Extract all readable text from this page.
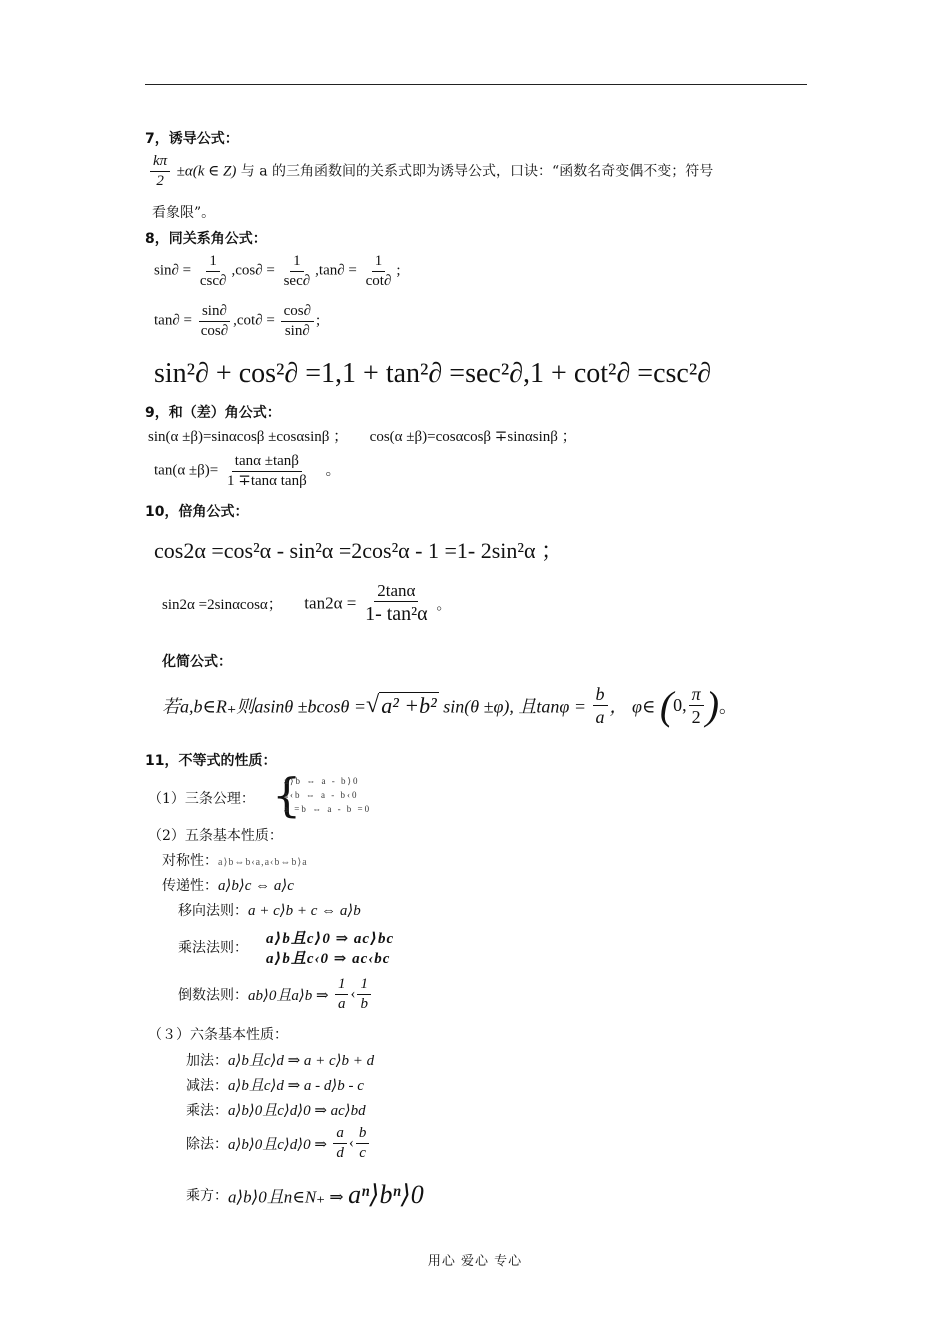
7，诱导公式：
$\frac{k\pi}{2} \pm\alpha(k$ ∈ Z) 与 a 的三角函数间的关系式即为诱导公式，口诀：“函数名奇变偶不变；符号
看象限”。
8，同关系角公式：
$\sin\partial = \frac{1}{\csc\partial} ,\cos\partial = \frac{1}{\sec\partial} ,\tan\partial = \frac{1}{\cot\partial}$ ;
$\tan\partial = \frac{\sin\partial}{\cos\partial} ,\cot\partial = \frac{\cos\partial}{\sin\partial}$ ;
sin²∂ + cos²∂ =1,1 + tan²∂ =sec²∂,1 + cot²∂ =csc²∂
9，和（差）角公式：
sin(α ±β)=sinαcosβ ±cosαsinβ ； cos(α ±β)=cosαcosβ ∓sinαsinβ ；
$\tan(\alpha \pm\beta)= \frac{\tan\alpha \pm\tan\beta}{\text{1 ∓tanα tanβ}}$ 。
10，倍角公式：
cos2α =cos²α - sin²α =2cos²α - 1 =1- 2sin²α ；
sin2α =2sinαcosα； $\tan 2\alpha = \frac{2\tan\alpha}{\text{1- tan²α}}$ 。
化简公式：
若a,b∈R₊则asinθ ±bcosθ =√a² +b² sin(θ ±φ), 且$\tan\varphi = \frac{b}{a}$ ， φ∈ (0, $\frac{\pi}{2}$ )。
11，不等式的性质：
（1）三条公理： {
a⟩b ⇔ a - b⟩0
a‹b ⇔ a - b‹0
a =b ⇔ a - b =0
（2）五条基本性质：
对称性：a⟩b⇔b‹a,a‹b⇔b⟩a
传递性：a⟩b⟩c ⇔ a⟩c
移向法则：a + c⟩b + c ⇔ a⟩b
乘法法则：
a⟩b且c⟩0 ⇒ ac⟩bc
a⟩b且c‹0 ⇒ ac‹bc
倒数法则：ab⟩0且a⟩b ⇒ $\frac{1}{a}$ ‹ $\frac{1}{b}$
（３）六条基本性质：
加法：a⟩b且c⟩d ⇒ a + c⟩b + d
减法：a⟩b且c⟩d ⇒ a - d⟩b - c
乘法：a⟩b⟩0且c⟩d⟩0 ⇒ ac⟩bd
除法：a⟩b⟩0且c⟩d⟩0 ⇒ $\frac{a}{d}$ ‹ $\frac{b}{c}$
乘方：a⟩b⟩0且n∈N₊ ⇒ aⁿ⟩bⁿ⟩0
用心 爱心 专心
